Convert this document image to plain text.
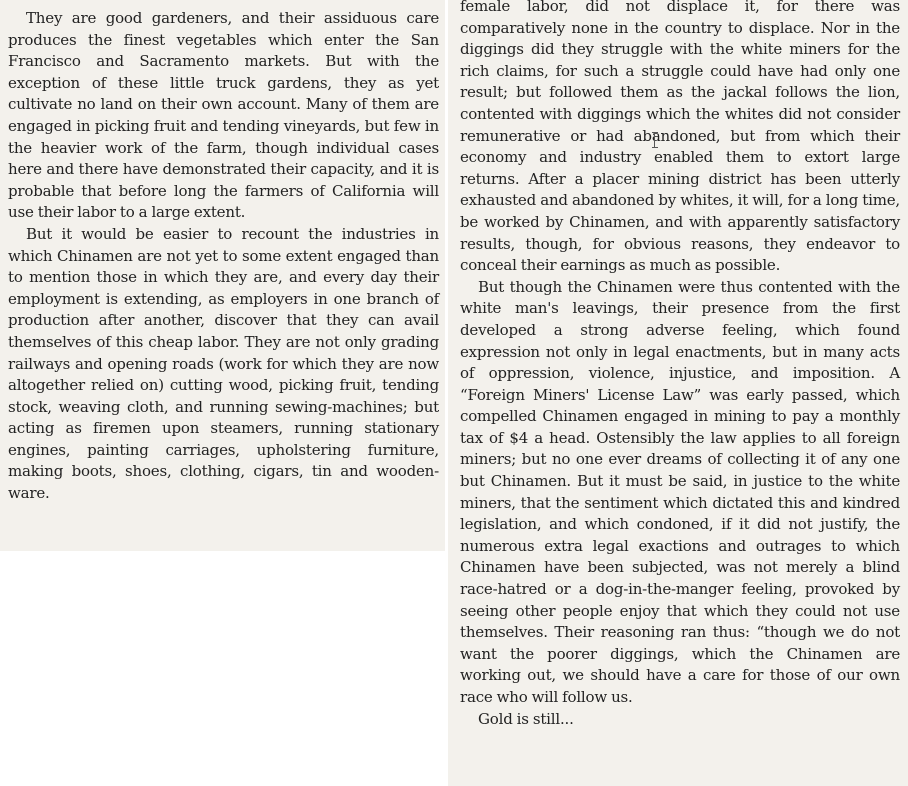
They are good gardeners, and their assiduous care produces the finest vegetables which enter the San Francisco and Sacramento markets. But with the exception of these little truck gardens, they as yet cultivate no land on their own account. Many of them are engaged in picking fruit and tending vineyards, but few in the heavier work of the farm, though individual cases here and there have demonstrated their capacity, and it is probable that before long the farmers of California will use their labor to a large extent.

But it would be easier to recount the industries in which Chinamen are not yet to some extent engaged than to mention those in which they are, and every day their employment is extending, as employers in one branch of production after another, discover that they can avail themselves of this cheap labor. They are not only grading railways and opening roads (work for which they are now altogether relied on) cutting wood, picking fruit, tending stock, weaving cloth, and running sewing-machines; but acting as firemen upon steamers, running stationary engines, painting carriages, upholstering furniture, making boots, shoes, clothing, cigars, tin and wooden-ware.

female labor, did not displace it, for there was comparatively none in the country to displace. Nor in the diggings did they struggle with the white miners for the rich claims, for such a struggle could have had only one result; but followed them as the jackal follows the lion, contented with diggings which the whites did not consider remunerative or had abandoned, but from which their economy and industry enabled them to extort large returns. After a placer mining district has been utterly exhausted and abandoned by whites, it will, for a long time, be worked by Chinamen, and with apparently satisfactory results, though, for obvious reasons, they endeavor to conceal their earnings as much as possible.

But though the Chinamen were thus contented with the white man's leavings, their presence from the first developed a strong adverse feeling, which found expression not only in legal enactments, but in many acts of oppression, violence, injustice, and imposition. A “Foreign Miners' License Law” was early passed, which compelled Chinamen engaged in mining to pay a monthly tax of $4 a head. Ostensibly the law applies to all foreign miners; but no one ever dreams of collecting it of any one but Chinamen. But it must be said, in justice to the white miners, that the sentiment which dictated this and kindred legislation, and which condoned, if it did not justify, the numerous extra legal exactions and outrages to which Chinamen have been subjected, was not merely a blind race-hatred or a dog-in-the-manger feeling, provoked by seeing other people enjoy that which they could not use themselves. Their reasoning ran thus: “though we do not want the poorer diggings, which the Chinamen are working out, we should have a care for those of our own race who will follow us.

Gold is still...
